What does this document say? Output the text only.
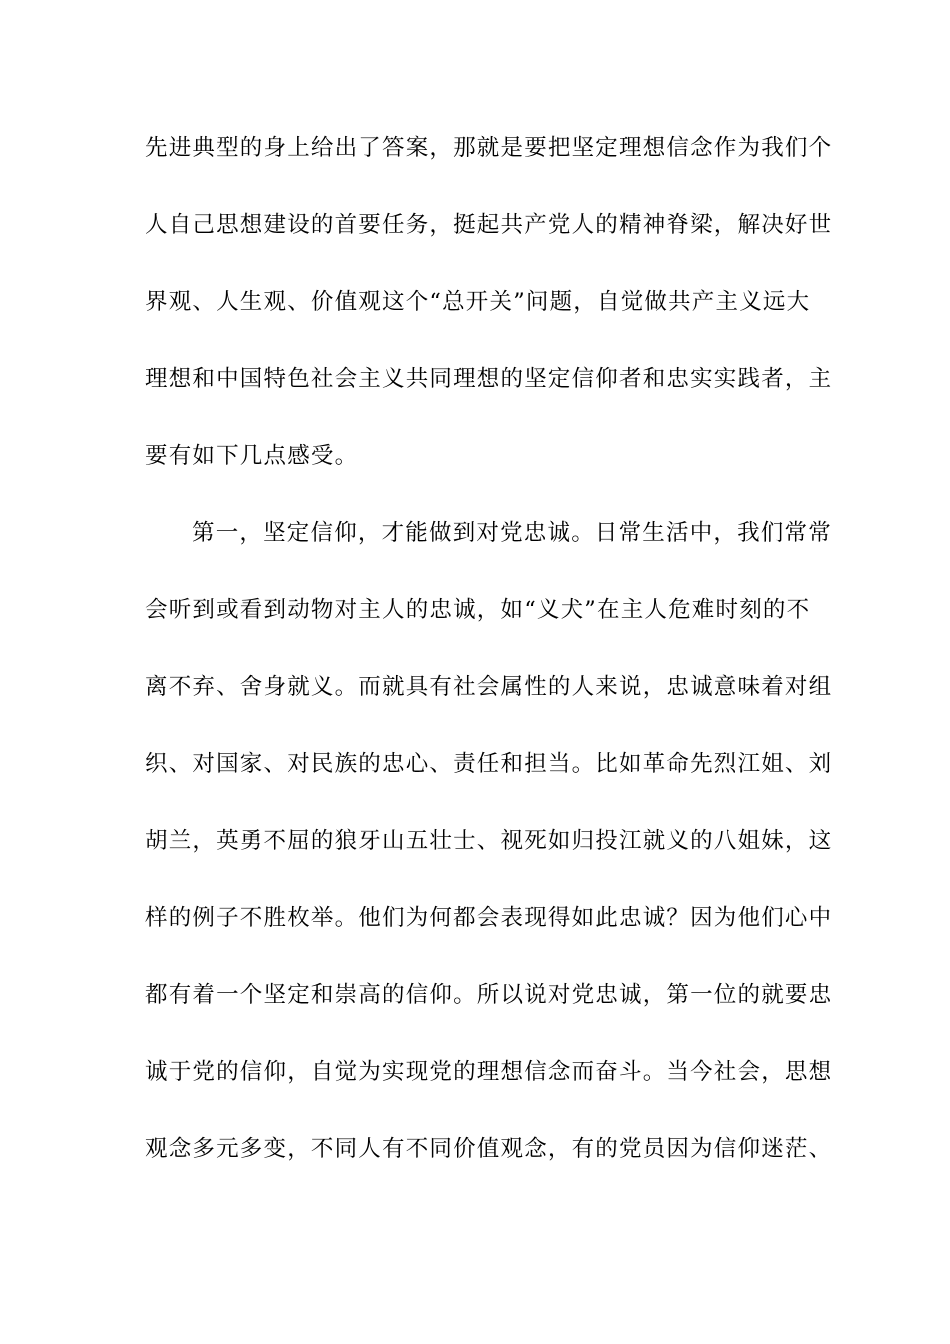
先进典型的身上给出了答案，那就是要把坚定理想信念作为我们个
人自己思想建设的首要任务，挺起共产党人的精神脊梁，解决好世
界观、人生观、价值观这个“总开关”问题，自觉做共产主义远大
理想和中国特色社会主义共同理想的坚定信仰者和忠实实践者，主
要有如下几点感受。
第一，坚定信仰，才能做到对党忠诚。日常生活中，我们常常
会听到或看到动物对主人的忠诚，如“义犬”在主人危难时刻的不
离不弃、舍身就义。而就具有社会属性的人来说，忠诚意味着对组
织、对国家、对民族的忠心、责任和担当。比如革命先烈江姐、刘
胡兰，英勇不屈的狼牙山五壮士、视死如归投江就义的八姐妹，这
样的例子不胜枚举。他们为何都会表现得如此忠诚？因为他们心中
都有着一个坚定和崇高的信仰。所以说对党忠诚，第一位的就要忠
诚于党的信仰，自觉为实现党的理想信念而奋斗。当今社会，思想
观念多元多变，不同人有不同价值观念，有的党员因为信仰迷茫、
